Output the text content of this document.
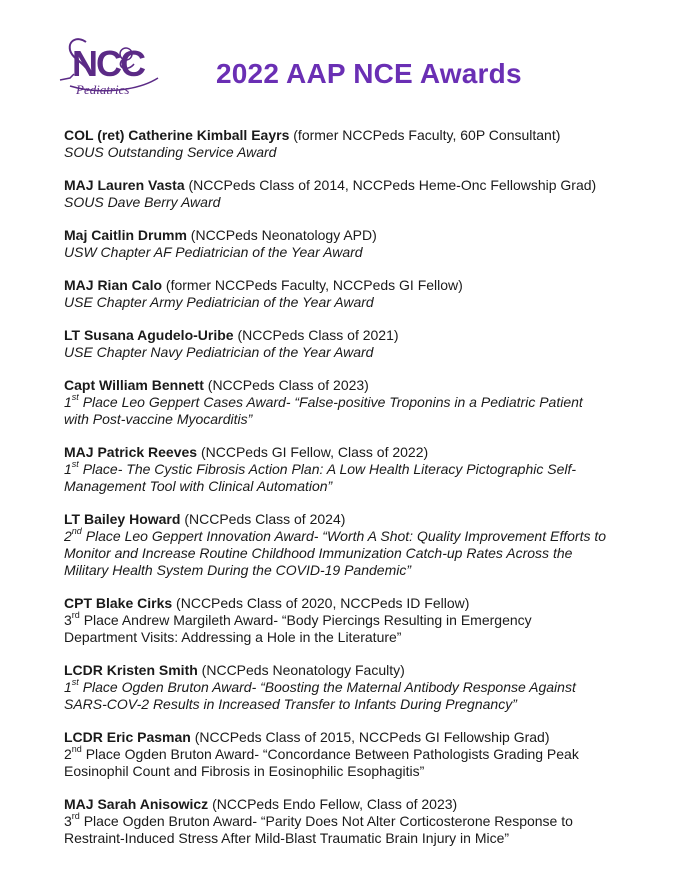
NCC
Pediatrics
2022 AAP NCE Awards
COL (ret) Catherine Kimball Eayrs (former NCCPeds Faculty, 60P Consultant)
SOUS Outstanding Service Award
MAJ Lauren Vasta (NCCPeds Class of 2014, NCCPeds Heme-Onc Fellowship Grad)
SOUS Dave Berry Award
Maj Caitlin Drumm (NCCPeds Neonatology APD)
USW Chapter AF Pediatrician of the Year Award
MAJ Rian Calo (former NCCPeds Faculty, NCCPeds GI Fellow)
USE Chapter Army Pediatrician of the Year Award
LT Susana Agudelo-Uribe (NCCPeds Class of 2021)
USE Chapter Navy Pediatrician of the Year Award
Capt William Bennett (NCCPeds Class of 2023)
1st Place Leo Geppert Cases Award- “False-positive Troponins in a Pediatric Patient
with Post-vaccine Myocarditis”
MAJ Patrick Reeves (NCCPeds GI Fellow, Class of 2022)
1st Place- The Cystic Fibrosis Action Plan: A Low Health Literacy Pictographic Self-
Management Tool with Clinical Automation”
LT Bailey Howard (NCCPeds Class of 2024)
2nd Place Leo Geppert Innovation Award- “Worth A Shot: Quality Improvement Efforts to
Monitor and Increase Routine Childhood Immunization Catch-up Rates Across the
Military Health System During the COVID-19 Pandemic”
CPT Blake Cirks (NCCPeds Class of 2020, NCCPeds ID Fellow)
3rd Place Andrew Margileth Award- “Body Piercings Resulting in Emergency
Department Visits: Addressing a Hole in the Literature”
LCDR Kristen Smith (NCCPeds Neonatology Faculty)
1st Place Ogden Bruton Award- “Boosting the Maternal Antibody Response Against
SARS-COV-2 Results in Increased Transfer to Infants During Pregnancy”
LCDR Eric Pasman (NCCPeds Class of 2015, NCCPeds GI Fellowship Grad)
2nd Place Ogden Bruton Award- “Concordance Between Pathologists Grading Peak
Eosinophil Count and Fibrosis in Eosinophilic Esophagitis”
MAJ Sarah Anisowicz (NCCPeds Endo Fellow, Class of 2023)
3rd Place Ogden Bruton Award- “Parity Does Not Alter Corticosterone Response to
Restraint-Induced Stress After Mild-Blast Traumatic Brain Injury in Mice”
